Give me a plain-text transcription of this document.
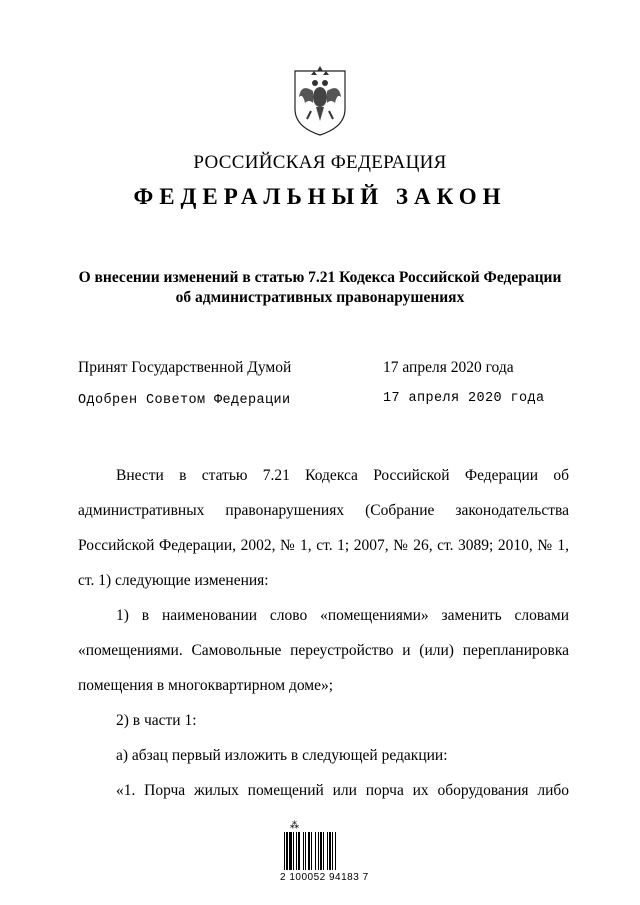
РОССИЙСКАЯ ФЕДЕРАЦИЯ
ФЕДЕРАЛЬНЫЙ ЗАКОН
О внесении изменений в статью 7.21 Кодекса Российской Федерации
об административных правонарушениях
Принят Государственной Думой	17 апреля 2020 года
Одобрен Советом Федерации	17 апреля 2020 года

Внести в статью 7.21 Кодекса Российской Федерации об административных правонарушениях (Собрание законодательства Российской Федерации, 2002, № 1, ст. 1; 2007, № 26, ст. 3089; 2010, № 1, ст. 1) следующие изменения:

1) в наименовании слово «помещениями» заменить словами «помещениями. Самовольные переустройство и (или) перепланировка помещения в многоквартирном доме»;

2) в части 1:

а) абзац первый изложить в следующей редакции:

«1. Порча жилых помещений или порча их оборудования либо

⁂
2 100052 94183 7
